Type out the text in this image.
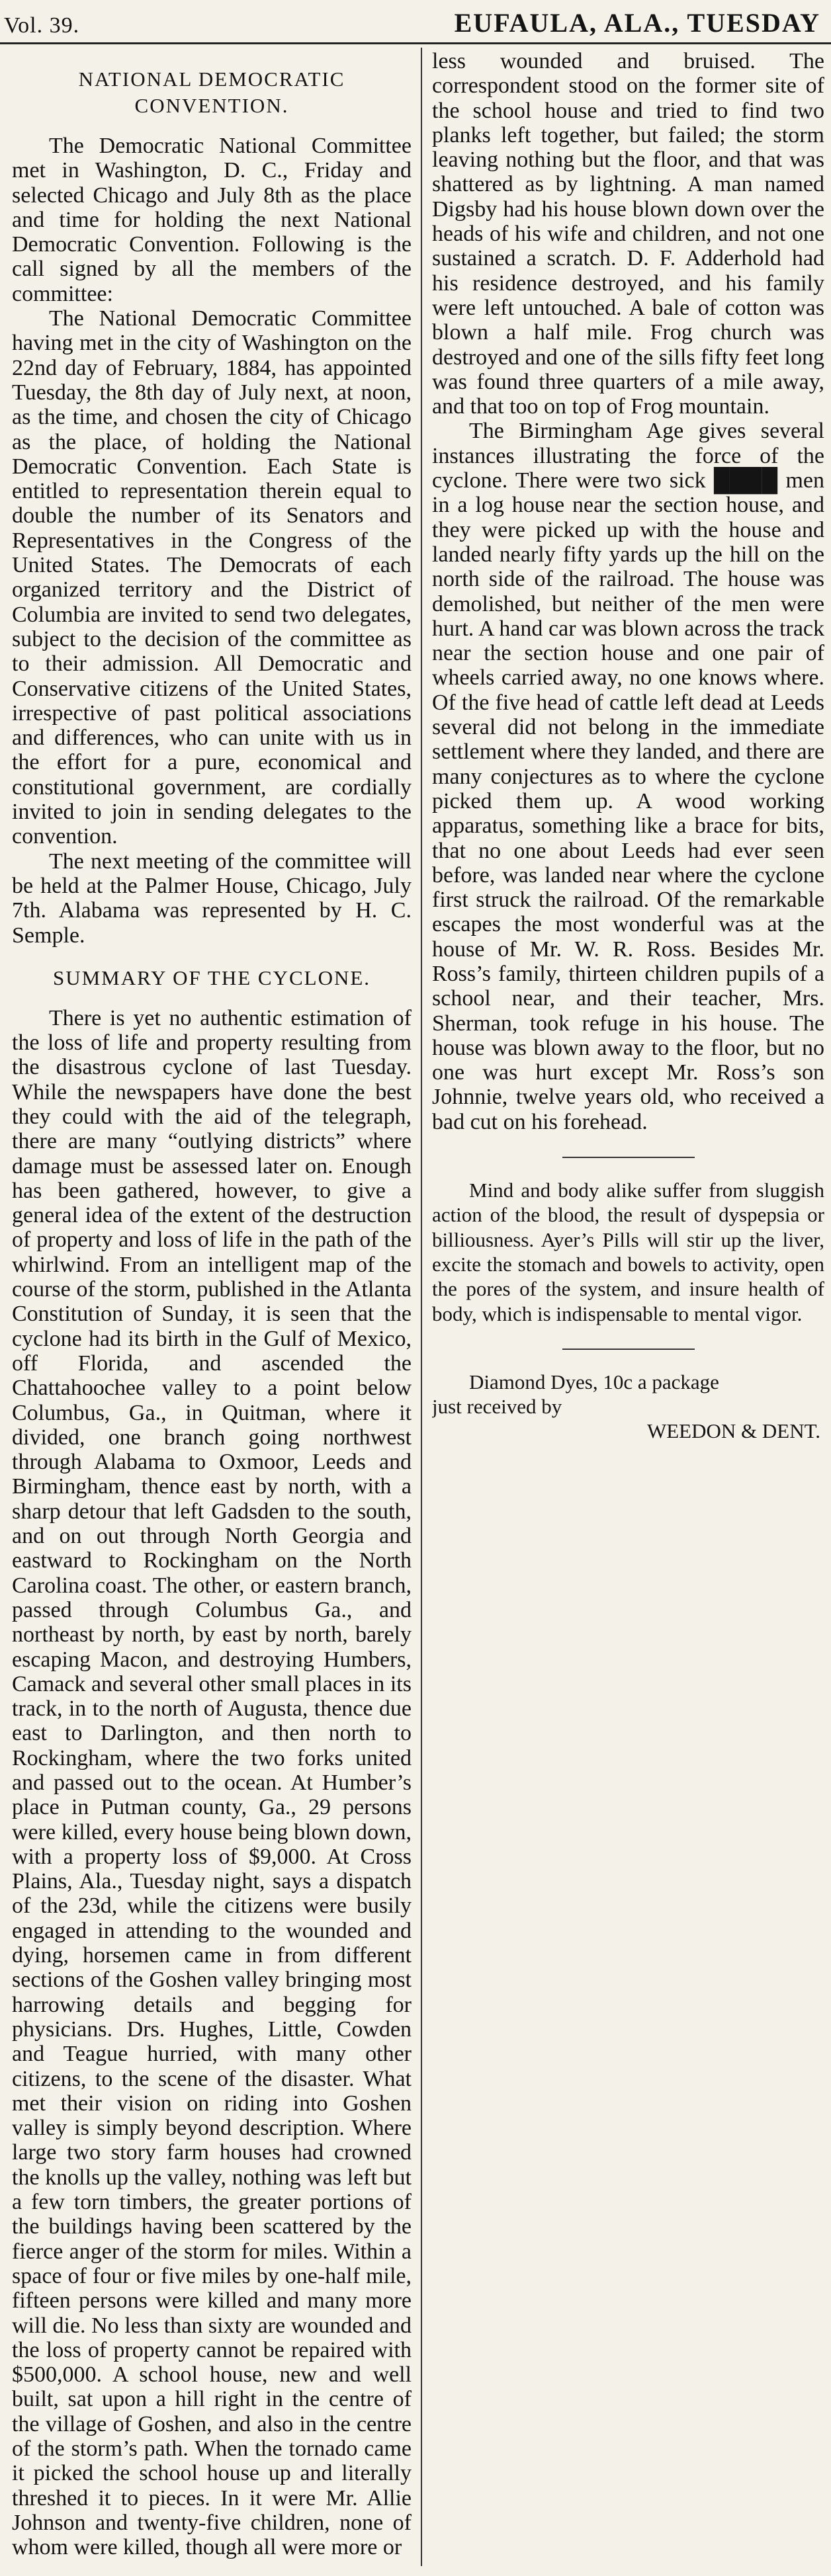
Vol. 39.	EUFAULA, ALA., TUESDAY
NATIONAL DEMOCRATIC CONVENTION.

The Democratic National Committee met in Washington, D. C., Friday and selected Chicago and July 8th as the place and time for holding the next National Democratic Convention. Following is the call signed by all the members of the committee:

The National Democratic Committee having met in the city of Washington on the 22nd day of February, 1884, has appointed Tuesday, the 8th day of July next, at noon, as the time, and chosen the city of Chicago as the place, of holding the National Democratic Convention. Each State is entitled to representation therein equal to double the number of its Senators and Representatives in the Congress of the United States. The Democrats of each organized territory and the District of Columbia are invited to send two delegates, subject to the decision of the committee as to their admission. All Democratic and Conservative citizens of the United States, irrespective of past political associations and differences, who can unite with us in the effort for a pure, economical and constitutional government, are cordially invited to join in sending delegates to the convention.

The next meeting of the committee will be held at the Palmer House, Chicago, July 7th. Alabama was represented by H. C. Semple.

SUMMARY OF THE CYCLONE.

There is yet no authentic estimation of the loss of life and property resulting from the disastrous cyclone of last Tuesday. While the newspapers have done the best they could with the aid of the telegraph, there are many “outlying districts” where damage must be assessed later on. Enough has been gathered, however, to give a general idea of the extent of the destruction of property and loss of life in the path of the whirlwind. From an intelligent map of the course of the storm, published in the Atlanta Constitution of Sunday, it is seen that the cyclone had its birth in the Gulf of Mexico, off Florida, and ascended the Chattahoochee valley to a point below Columbus, Ga., in Quitman, where it divided, one branch going northwest through Alabama to Oxmoor, Leeds and Birmingham, thence east by north, with a sharp detour that left Gadsden to the south, and on out through North Georgia and eastward to Rockingham on the North Carolina coast. The other, or eastern branch, passed through Columbus Ga., and northeast by north, by east by north, barely escaping Macon, and destroying Humbers, Camack and several other small places in its track, in to the north of Augusta, thence due east to Darlington, and then north to Rockingham, where the two forks united and passed out to the ocean. At Humber’s place in Putman county, Ga., 29 persons were killed, every house being blown down, with a property loss of $9,000. At Cross Plains, Ala., Tuesday night, says a dispatch of the 23d, while the citizens were busily engaged in attending to the wounded and dying, horsemen came in from different sections of the Goshen valley bringing most harrowing details and begging for physicians. Drs. Hughes, Little, Cowden and Teague hurried, with many other citizens, to the scene of the disaster. What met their vision on riding into Goshen valley is simply beyond description. Where large two story farm houses had crowned the knolls up the valley, nothing was left but a few torn timbers, the greater portions of the buildings having been scattered by the fierce anger of the storm for miles. Within a space of four or five miles by one-half mile, fifteen persons were killed and many more will die. No less than sixty are wounded and the loss of property cannot be repaired with $500,000. A school house, new and well built, sat upon a hill right in the centre of the village of Goshen, and also in the centre of the storm’s path. When the tornado came it picked the school house up and literally threshed it to pieces. In it were Mr. Allie Johnson and twenty-five children, none of whom were killed, though all were more or

less wounded and bruised. The correspondent stood on the former site of the school house and tried to find two planks left together, but failed; the storm leaving nothing but the floor, and that was shattered as by lightning. A man named Digsby had his house blown down over the heads of his wife and children, and not one sustained a scratch. D. F. Adderhold had his residence destroyed, and his family were left untouched. A bale of cotton was blown a half mile. Frog church was destroyed and one of the sills fifty feet long was found three quarters of a mile away, and that too on top of Frog mountain.

The Birmingham Age gives several instances illustrating the force of the cyclone. There were two sick ████ men in a log house near the section house, and they were picked up with the house and landed nearly fifty yards up the hill on the north side of the railroad. The house was demolished, but neither of the men were hurt. A hand car was blown across the track near the section house and one pair of wheels carried away, no one knows where. Of the five head of cattle left dead at Leeds several did not belong in the immediate settlement where they landed, and there are many conjectures as to where the cyclone picked them up. A wood working apparatus, something like a brace for bits, that no one about Leeds had ever seen before, was landed near where the cyclone first struck the railroad. Of the remarkable escapes the most wonderful was at the house of Mr. W. R. Ross. Besides Mr. Ross’s family, thirteen children pupils of a school near, and their teacher, Mrs. Sherman, took refuge in his house. The house was blown away to the floor, but no one was hurt except Mr. Ross’s son Johnnie, twelve years old, who received a bad cut on his forehead.

Mind and body alike suffer from sluggish action of the blood, the result of dyspepsia or billiousness. Ayer’s Pills will stir up the liver, excite the stomach and bowels to activity, open the pores of the system, and insure health of body, which is indispensable to mental vigor.

Diamond Dyes, 10c a package

just received by

WEEDON & DENT.
